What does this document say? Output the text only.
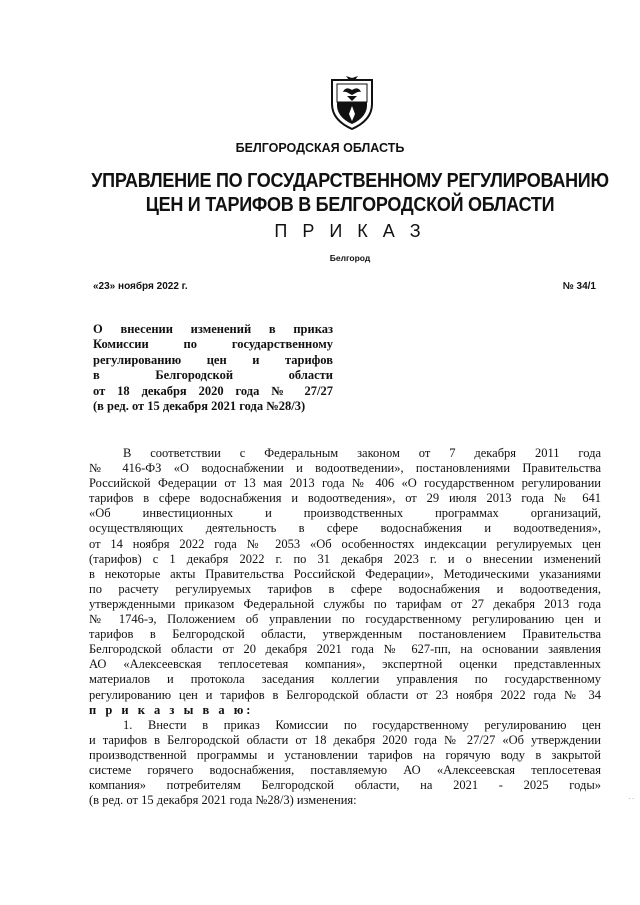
БЕЛГОРОДСКАЯ ОБЛАСТЬ
УПРАВЛЕНИЕ ПО ГОСУДАРСТВЕННОМУ РЕГУЛИРОВАНИЮ
ЦЕН И ТАРИФОВ В БЕЛГОРОДСКОЙ ОБЛАСТИ
П Р И К А З
Белгород
«23» ноября 2022 г.	№ 34/1
О внесении изменений в приказ
Комиссии по государственному
регулированию цен и тарифов
в Белгородской области
от 18 декабря 2020 года № 27/27
(в ред. от 15 декабря 2021 года №28/3)
В соответствии с Федеральным законом от 7 декабря 2011 года
№ 416-ФЗ «О водоснабжении и водоотведении», постановлениями Правительства
Российской Федерации от 13 мая 2013 года № 406 «О государственном регулировании
тарифов в сфере водоснабжения и водоотведения», от 29 июля 2013 года № 641
«Об инвестиционных и производственных программах организаций,
осуществляющих деятельность в сфере водоснабжения и водоотведения»,
от 14 ноября 2022 года № 2053 «Об особенностях индексации регулируемых цен
(тарифов) с 1 декабря 2022 г. по 31 декабря 2023 г. и о внесении изменений
в некоторые акты Правительства Российской Федерации», Методическими указаниями
по расчету регулируемых тарифов в сфере водоснабжения и водоотведения,
утвержденными приказом Федеральной службы по тарифам от 27 декабря 2013 года
№ 1746-э, Положением об управлении по государственному регулированию цен и
тарифов в Белгородской области, утвержденным постановлением Правительства
Белгородской области от 20 декабря 2021 года № 627-пп, на основании заявления
АО «Алексеевская теплосетевая компания», экспертной оценки представленных
материалов и протокола заседания коллегии управления по государственному
регулированию цен и тарифов в Белгородской области от 23 ноября 2022 года № 34
п р и к а з ы в а ю:
1. Внести в приказ Комиссии по государственному регулированию цен
и тарифов в Белгородской области от 18 декабря 2020 года № 27/27 «Об утверждении
производственной программы и установлении тарифов на горячую воду в закрытой
системе горячего водоснабжения, поставляемую АО «Алексеевская теплосетевая
компания» потребителям Белгородской области, на 2021 - 2025 годы»
(в ред. от 15 декабря 2021 года №28/3) изменения:	· ·
